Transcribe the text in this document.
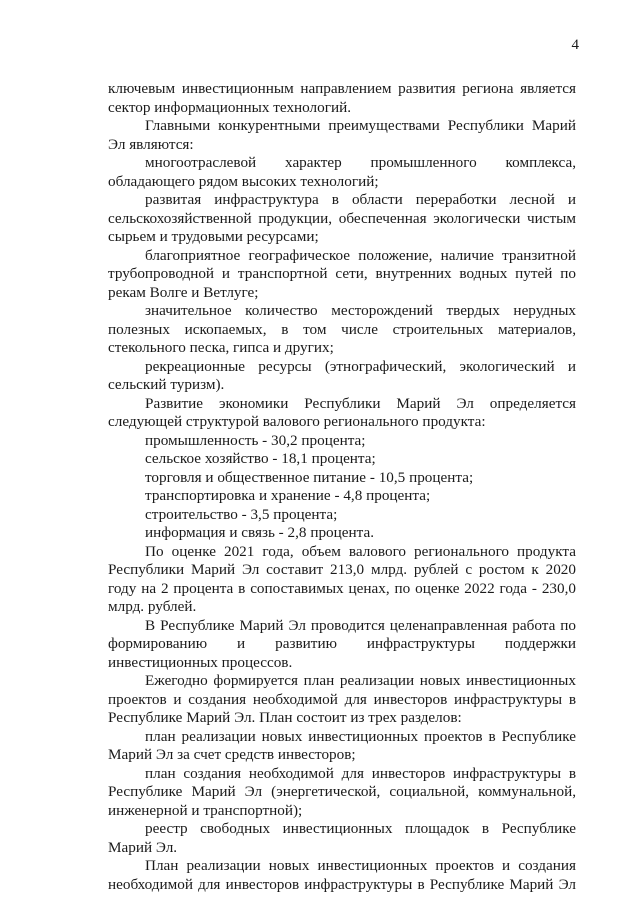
4

ключевым инвестиционным направлением развития региона является сектор информационных технологий.

Главными конкурентными преимуществами Республики Марий Эл являются:

многоотраслевой характер промышленного комплекса, обладающего рядом высоких технологий;

развитая инфраструктура в области переработки лесной и сельскохозяйственной продукции, обеспеченная экологически чистым сырьем и трудовыми ресурсами;

благоприятное географическое положение, наличие транзитной трубопроводной и транспортной сети, внутренних водных путей по рекам Волге и Ветлуге;

значительное количество месторождений твердых нерудных полезных ископаемых, в том числе строительных материалов, стекольного песка, гипса и других;

рекреационные ресурсы (этнографический, экологический и сельский туризм).

Развитие экономики Республики Марий Эл определяется следующей структурой валового регионального продукта:

промышленность - 30,2 процента;

сельское хозяйство - 18,1 процента;

торговля и общественное питание - 10,5 процента;

транспортировка и хранение - 4,8 процента;

строительство - 3,5 процента;

информация и связь - 2,8 процента.

По оценке 2021 года, объем валового регионального продукта Республики Марий Эл составит 213,0 млрд. рублей с ростом к 2020 году на 2 процента в сопоставимых ценах, по оценке 2022 года - 230,0 млрд. рублей.

В Республике Марий Эл проводится целенаправленная работа по формированию и развитию инфраструктуры поддержки инвестиционных процессов.

Ежегодно формируется план реализации новых инвестиционных проектов и создания необходимой для инвесторов инфраструктуры в Республике Марий Эл. План состоит из трех разделов:

план реализации новых инвестиционных проектов в Республике Марий Эл за счет средств инвесторов;

план создания необходимой для инвесторов инфраструктуры в Республике Марий Эл (энергетической, социальной, коммунальной, инженерной и транспортной);

реестр свободных инвестиционных площадок в Республике Марий Эл.

План реализации новых инвестиционных проектов и создания необходимой для инвесторов инфраструктуры в Республике Марий Эл
